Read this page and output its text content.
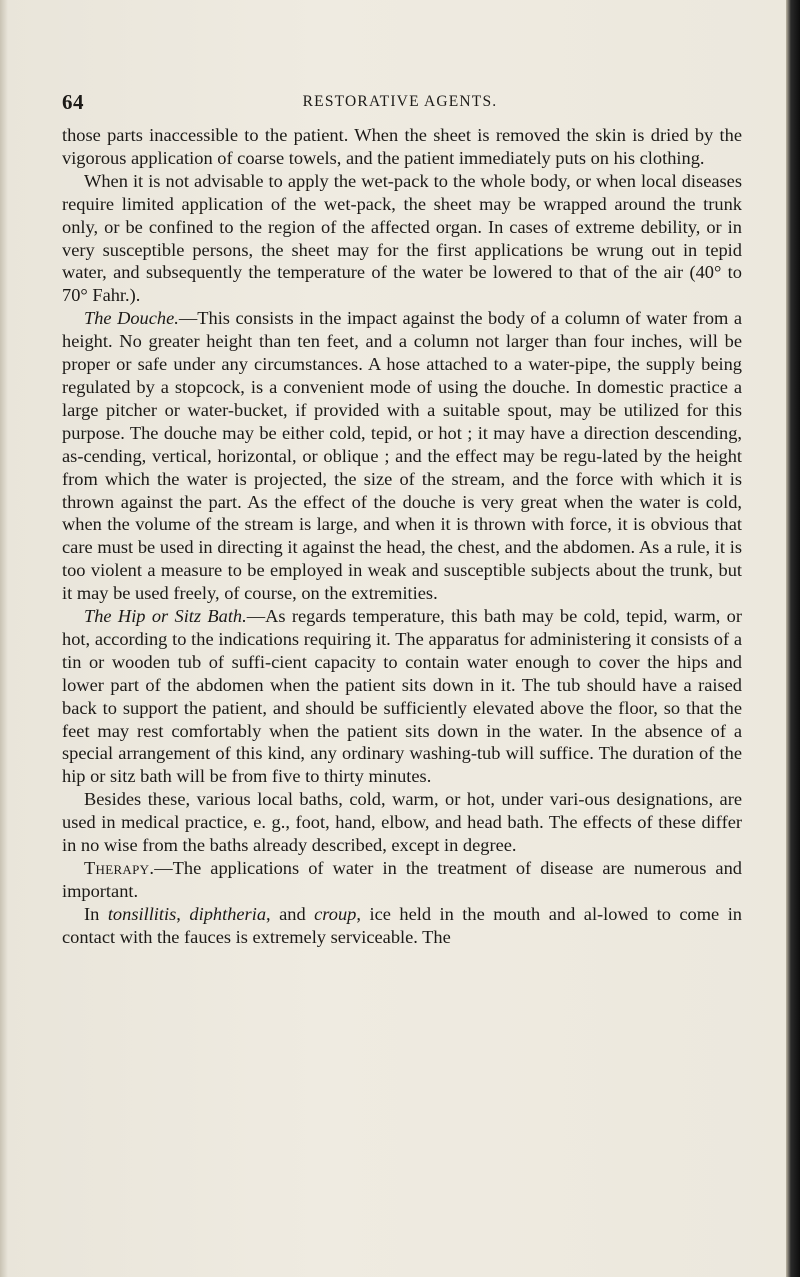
64	RESTORATIVE AGENTS.

those parts inaccessible to the patient. When the sheet is removed the skin is dried by the vigorous application of coarse towels, and the patient immediately puts on his clothing.

When it is not advisable to apply the wet-pack to the whole body, or when local diseases require limited application of the wet-pack, the sheet may be wrapped around the trunk only, or be confined to the region of the affected organ. In cases of extreme debility, or in very susceptible persons, the sheet may for the first applications be wrung out in tepid water, and subsequently the temperature of the water be lowered to that of the air (40° to 70° Fahr.).

The Douche.—This consists in the impact against the body of a column of water from a height. No greater height than ten feet, and a column not larger than four inches, will be proper or safe under any circumstances. A hose attached to a water-pipe, the supply being regulated by a stopcock, is a convenient mode of using the douche. In domestic practice a large pitcher or water-bucket, if provided with a suitable spout, may be utilized for this purpose. The douche may be either cold, tepid, or hot ; it may have a direction descending, as-cending, vertical, horizontal, or oblique ; and the effect may be regu-lated by the height from which the water is projected, the size of the stream, and the force with which it is thrown against the part. As the effect of the douche is very great when the water is cold, when the volume of the stream is large, and when it is thrown with force, it is obvious that care must be used in directing it against the head, the chest, and the abdomen. As a rule, it is too violent a measure to be employed in weak and susceptible subjects about the trunk, but it may be used freely, of course, on the extremities.

The Hip or Sitz Bath.—As regards temperature, this bath may be cold, tepid, warm, or hot, according to the indications requiring it. The apparatus for administering it consists of a tin or wooden tub of suffi-cient capacity to contain water enough to cover the hips and lower part of the abdomen when the patient sits down in it. The tub should have a raised back to support the patient, and should be sufficiently elevated above the floor, so that the feet may rest comfortably when the patient sits down in the water. In the absence of a special arrangement of this kind, any ordinary washing-tub will suffice. The duration of the hip or sitz bath will be from five to thirty minutes.

Besides these, various local baths, cold, warm, or hot, under vari-ous designations, are used in medical practice, e. g., foot, hand, elbow, and head bath. The effects of these differ in no wise from the baths already described, except in degree.

Therapy.—The applications of water in the treatment of disease are numerous and important.

In tonsillitis, diphtheria, and croup, ice held in the mouth and al-lowed to come in contact with the fauces is extremely serviceable. The
